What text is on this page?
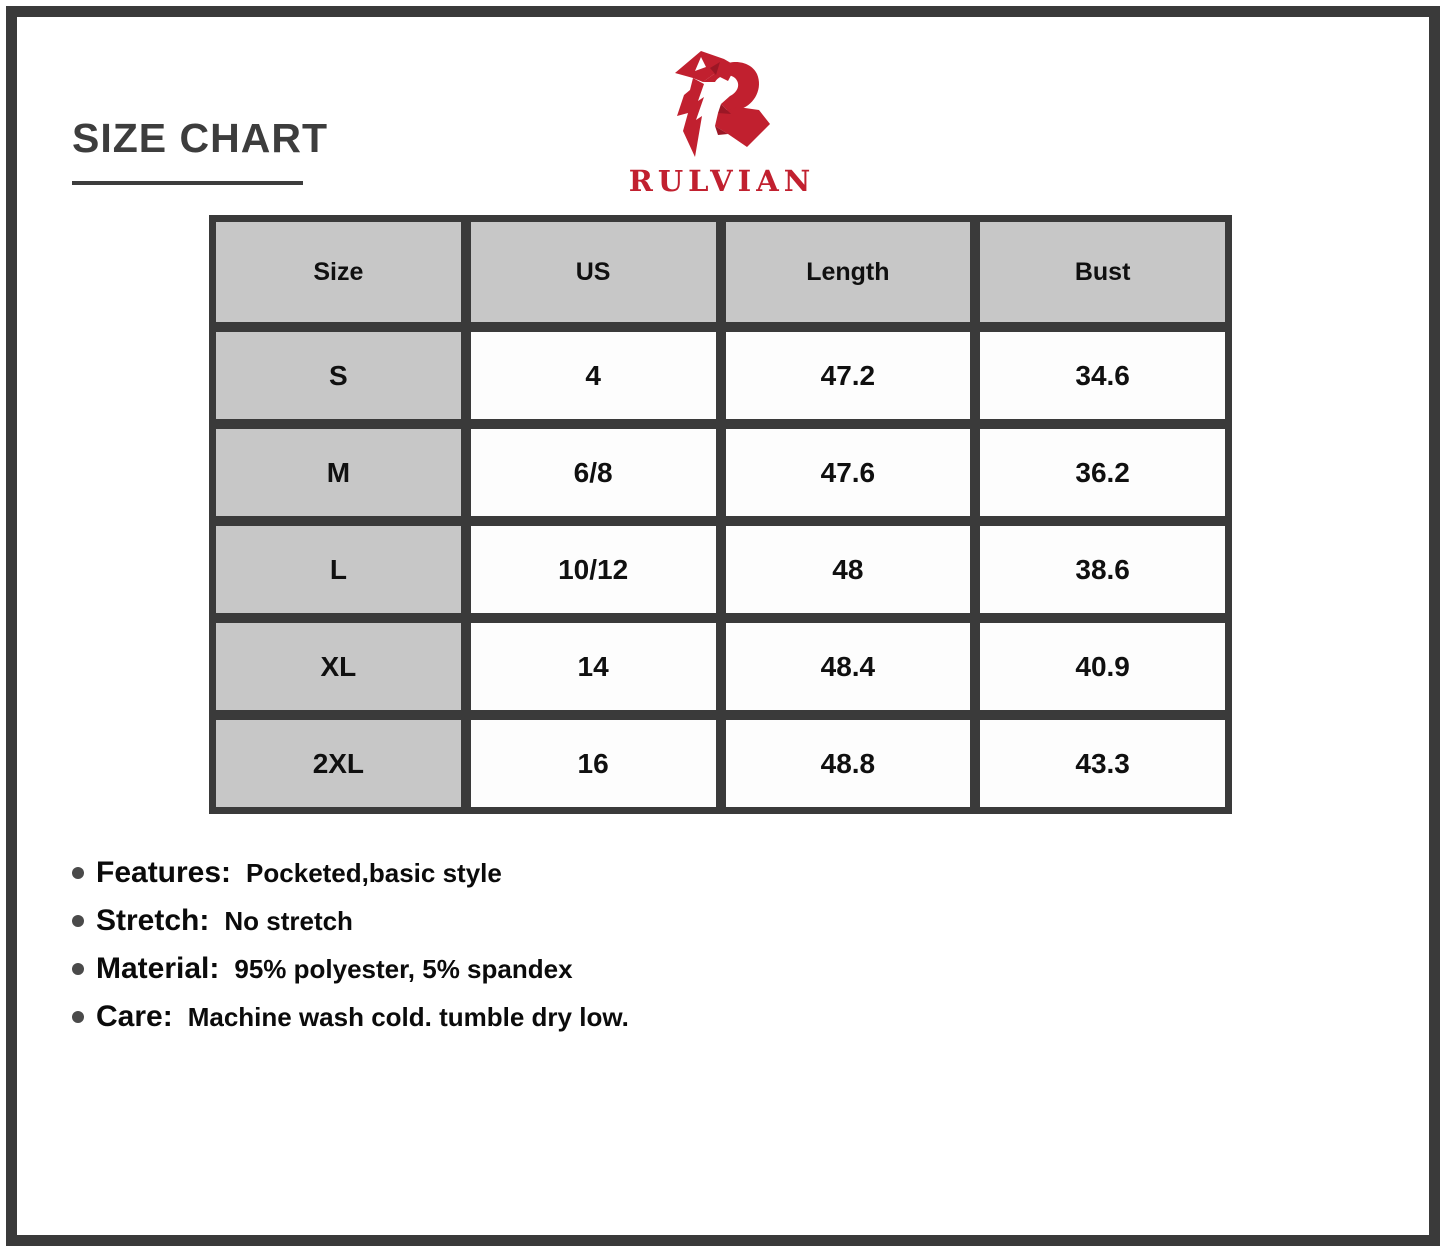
SIZE CHART
RULVIAN
Size	US	Length	Bust
S	4	47.2	34.6
M	6/8	47.6	36.2
L	10/12	48	38.6
XL	14	48.4	40.9
2XL	16	48.8	43.3
Features: Pocketed,basic style
Stretch: No stretch
Material: 95% polyester, 5% spandex
Care: Machine wash cold. tumble dry low.
